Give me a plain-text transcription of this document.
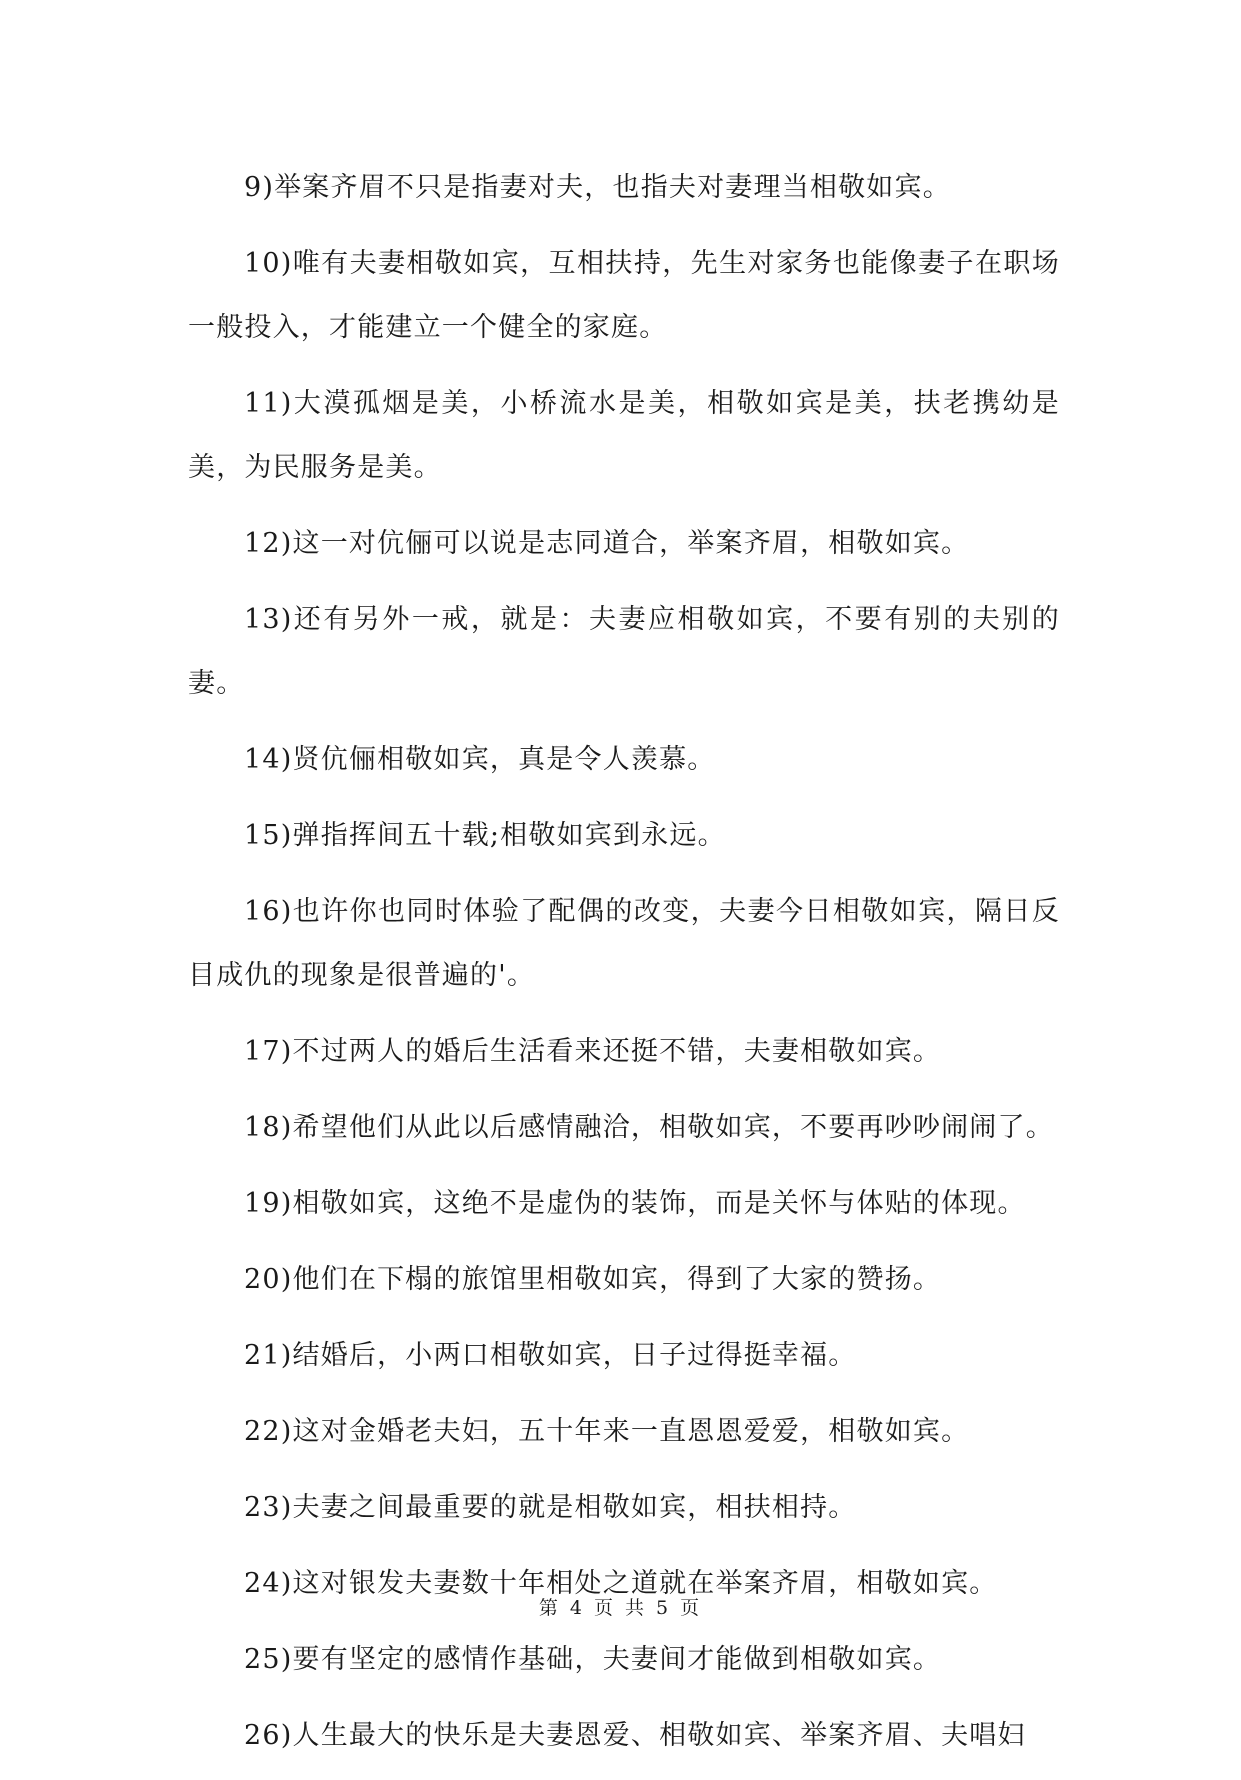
9)举案齐眉不只是指妻对夫，也指夫对妻理当相敬如宾。

10)唯有夫妻相敬如宾，互相扶持，先生对家务也能像妻子在职场一般投入，才能建立一个健全的家庭。

11)大漠孤烟是美，小桥流水是美，相敬如宾是美，扶老携幼是美，为民服务是美。

12)这一对伉俪可以说是志同道合，举案齐眉，相敬如宾。

13)还有另外一戒，就是：夫妻应相敬如宾，不要有别的夫别的妻。

14)贤伉俪相敬如宾，真是令人羡慕。

15)弹指挥间五十载;相敬如宾到永远。

16)也许你也同时体验了配偶的改变，夫妻今日相敬如宾，隔日反目成仇的现象是很普遍的'。

17)不过两人的婚后生活看来还挺不错，夫妻相敬如宾。

18)希望他们从此以后感情融洽，相敬如宾，不要再吵吵闹闹了。

19)相敬如宾，这绝不是虚伪的装饰，而是关怀与体贴的体现。

20)他们在下榻的旅馆里相敬如宾，得到了大家的赞扬。

21)结婚后，小两口相敬如宾，日子过得挺幸福。

22)这对金婚老夫妇，五十年来一直恩恩爱爱，相敬如宾。

23)夫妻之间最重要的就是相敬如宾，相扶相持。

24)这对银发夫妻数十年相处之道就在举案齐眉，相敬如宾。

25)要有坚定的感情作基础，夫妻间才能做到相敬如宾。

26)人生最大的快乐是夫妻恩爱、相敬如宾、举案齐眉、夫唱妇

第 4 页 共 5 页
